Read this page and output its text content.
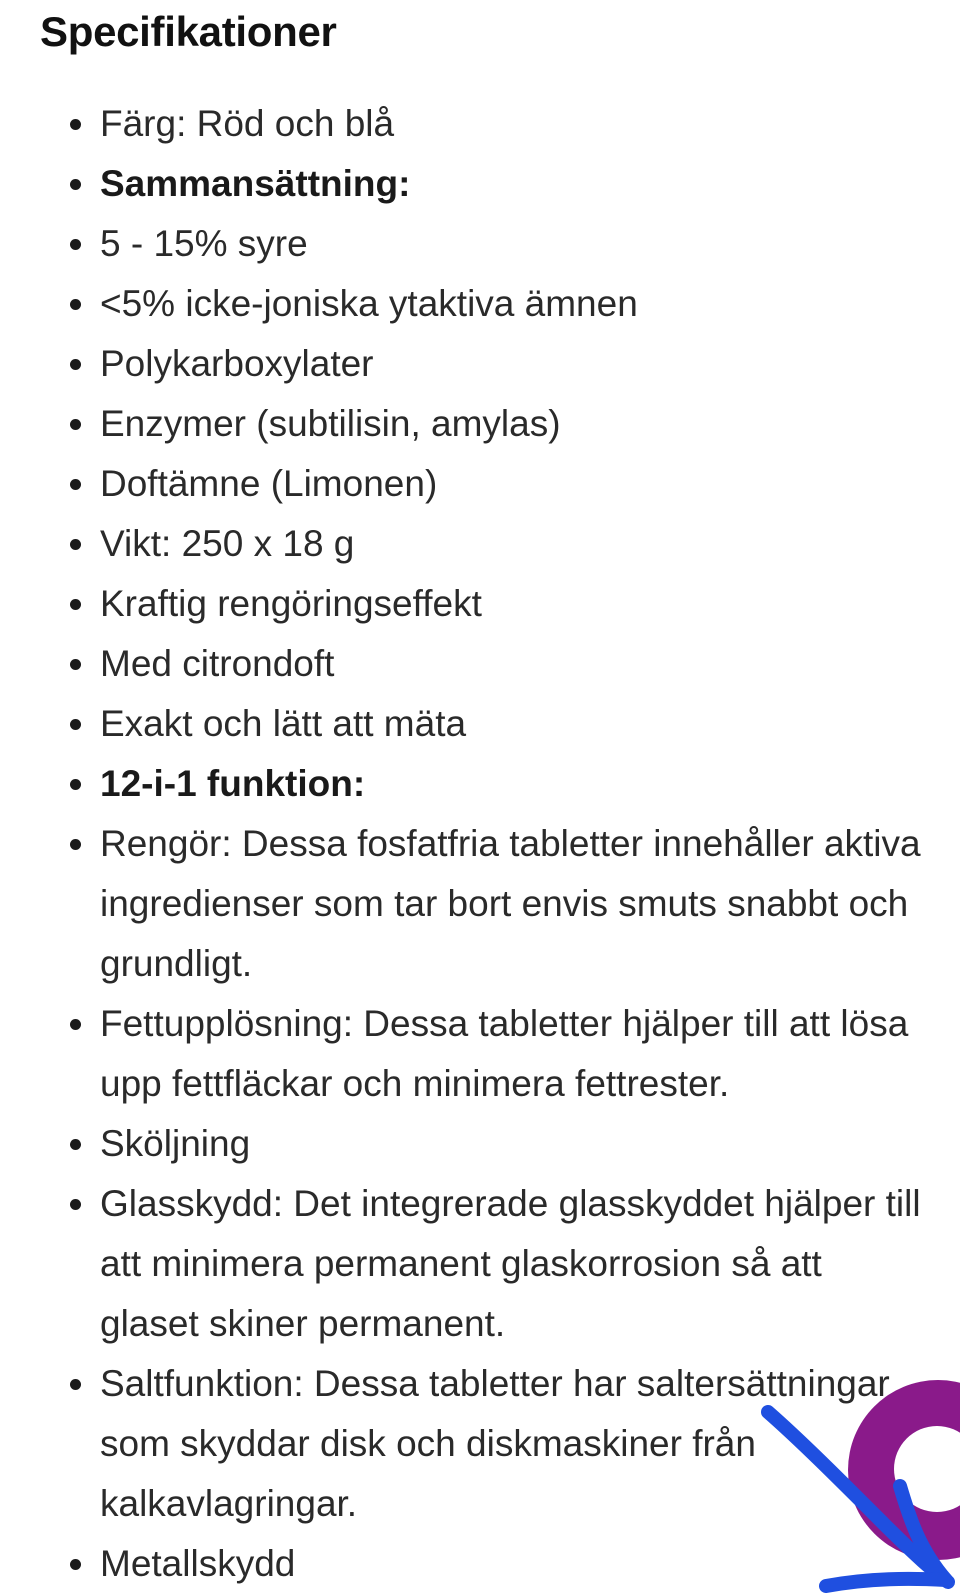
Specifikationer
Färg: Röd och blå
Sammansättning:
5 - 15% syre
<5% icke-joniska ytaktiva ämnen
Polykarboxylater
Enzymer (subtilisin, amylas)
Doftämne (Limonen)
Vikt: 250 x 18 g
Kraftig rengöringseffekt
Med citrondoft
Exakt och lätt att mäta
12-i-1 funktion:
Rengör: Dessa fosfatfria tabletter innehåller aktiva ingredienser som tar bort envis smuts snabbt och grundligt.
Fettupplösning: Dessa tabletter hjälper till att lösa upp fettfläckar och minimera fettrester.
Sköljning
Glasskydd: Det integrerade glasskyddet hjälper till att minimera permanent glaskorrosion så att glaset skiner permanent.
Saltfunktion: Dessa tabletter har saltersättningar som skyddar disk och diskmaskiner från kalkavlagringar.
Metallskydd
